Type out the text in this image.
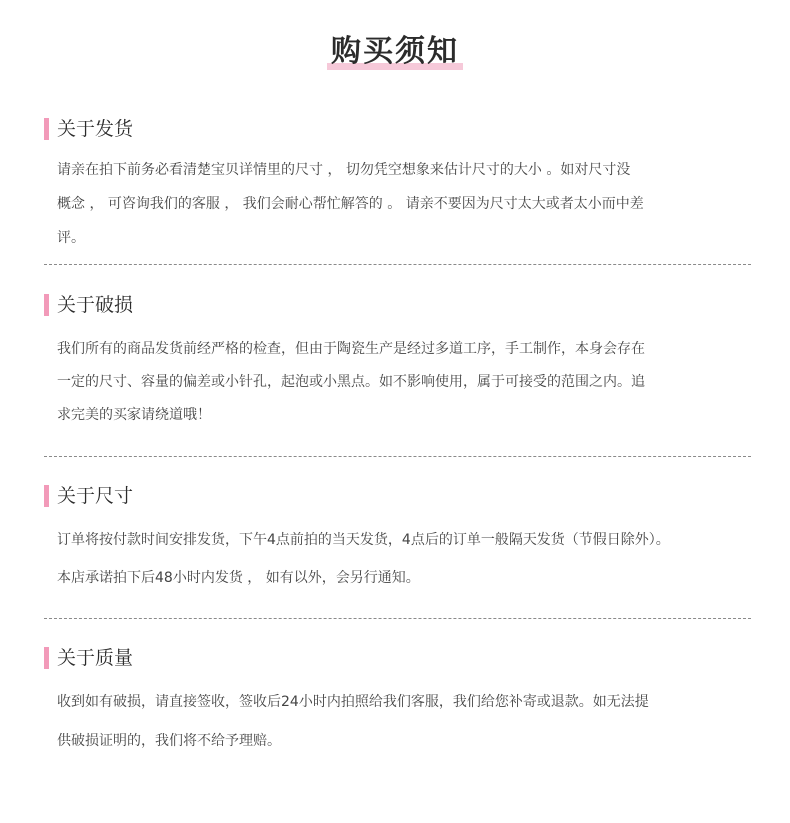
购买须知
关于发货
请亲在拍下前务必看清楚宝贝详情里的尺寸 ， 切勿凭空想象来估计尺寸的大小 。如对尺寸没
概念 ， 可咨询我们的客服 ， 我们会耐心帮忙解答的 。 请亲不要因为尺寸太大或者太小而中差
评。
关于破损
我们所有的商品发货前经严格的检查，但由于陶瓷生产是经过多道工序，手工制作，本身会存在
一定的尺寸、容量的偏差或小针孔，起泡或小黑点。如不影响使用，属于可接受的范围之内。追
求完美的买家请绕道哦！
关于尺寸
订单将按付款时间安排发货，下午4点前拍的当天发货，4点后的订单一般隔天发货（节假日除外）。
本店承诺拍下后48小时内发货 ， 如有以外，会另行通知。
关于质量
收到如有破损，请直接签收，签收后24小时内拍照给我们客服，我们给您补寄或退款。如无法提
供破损证明的，我们将不给予理赔。
